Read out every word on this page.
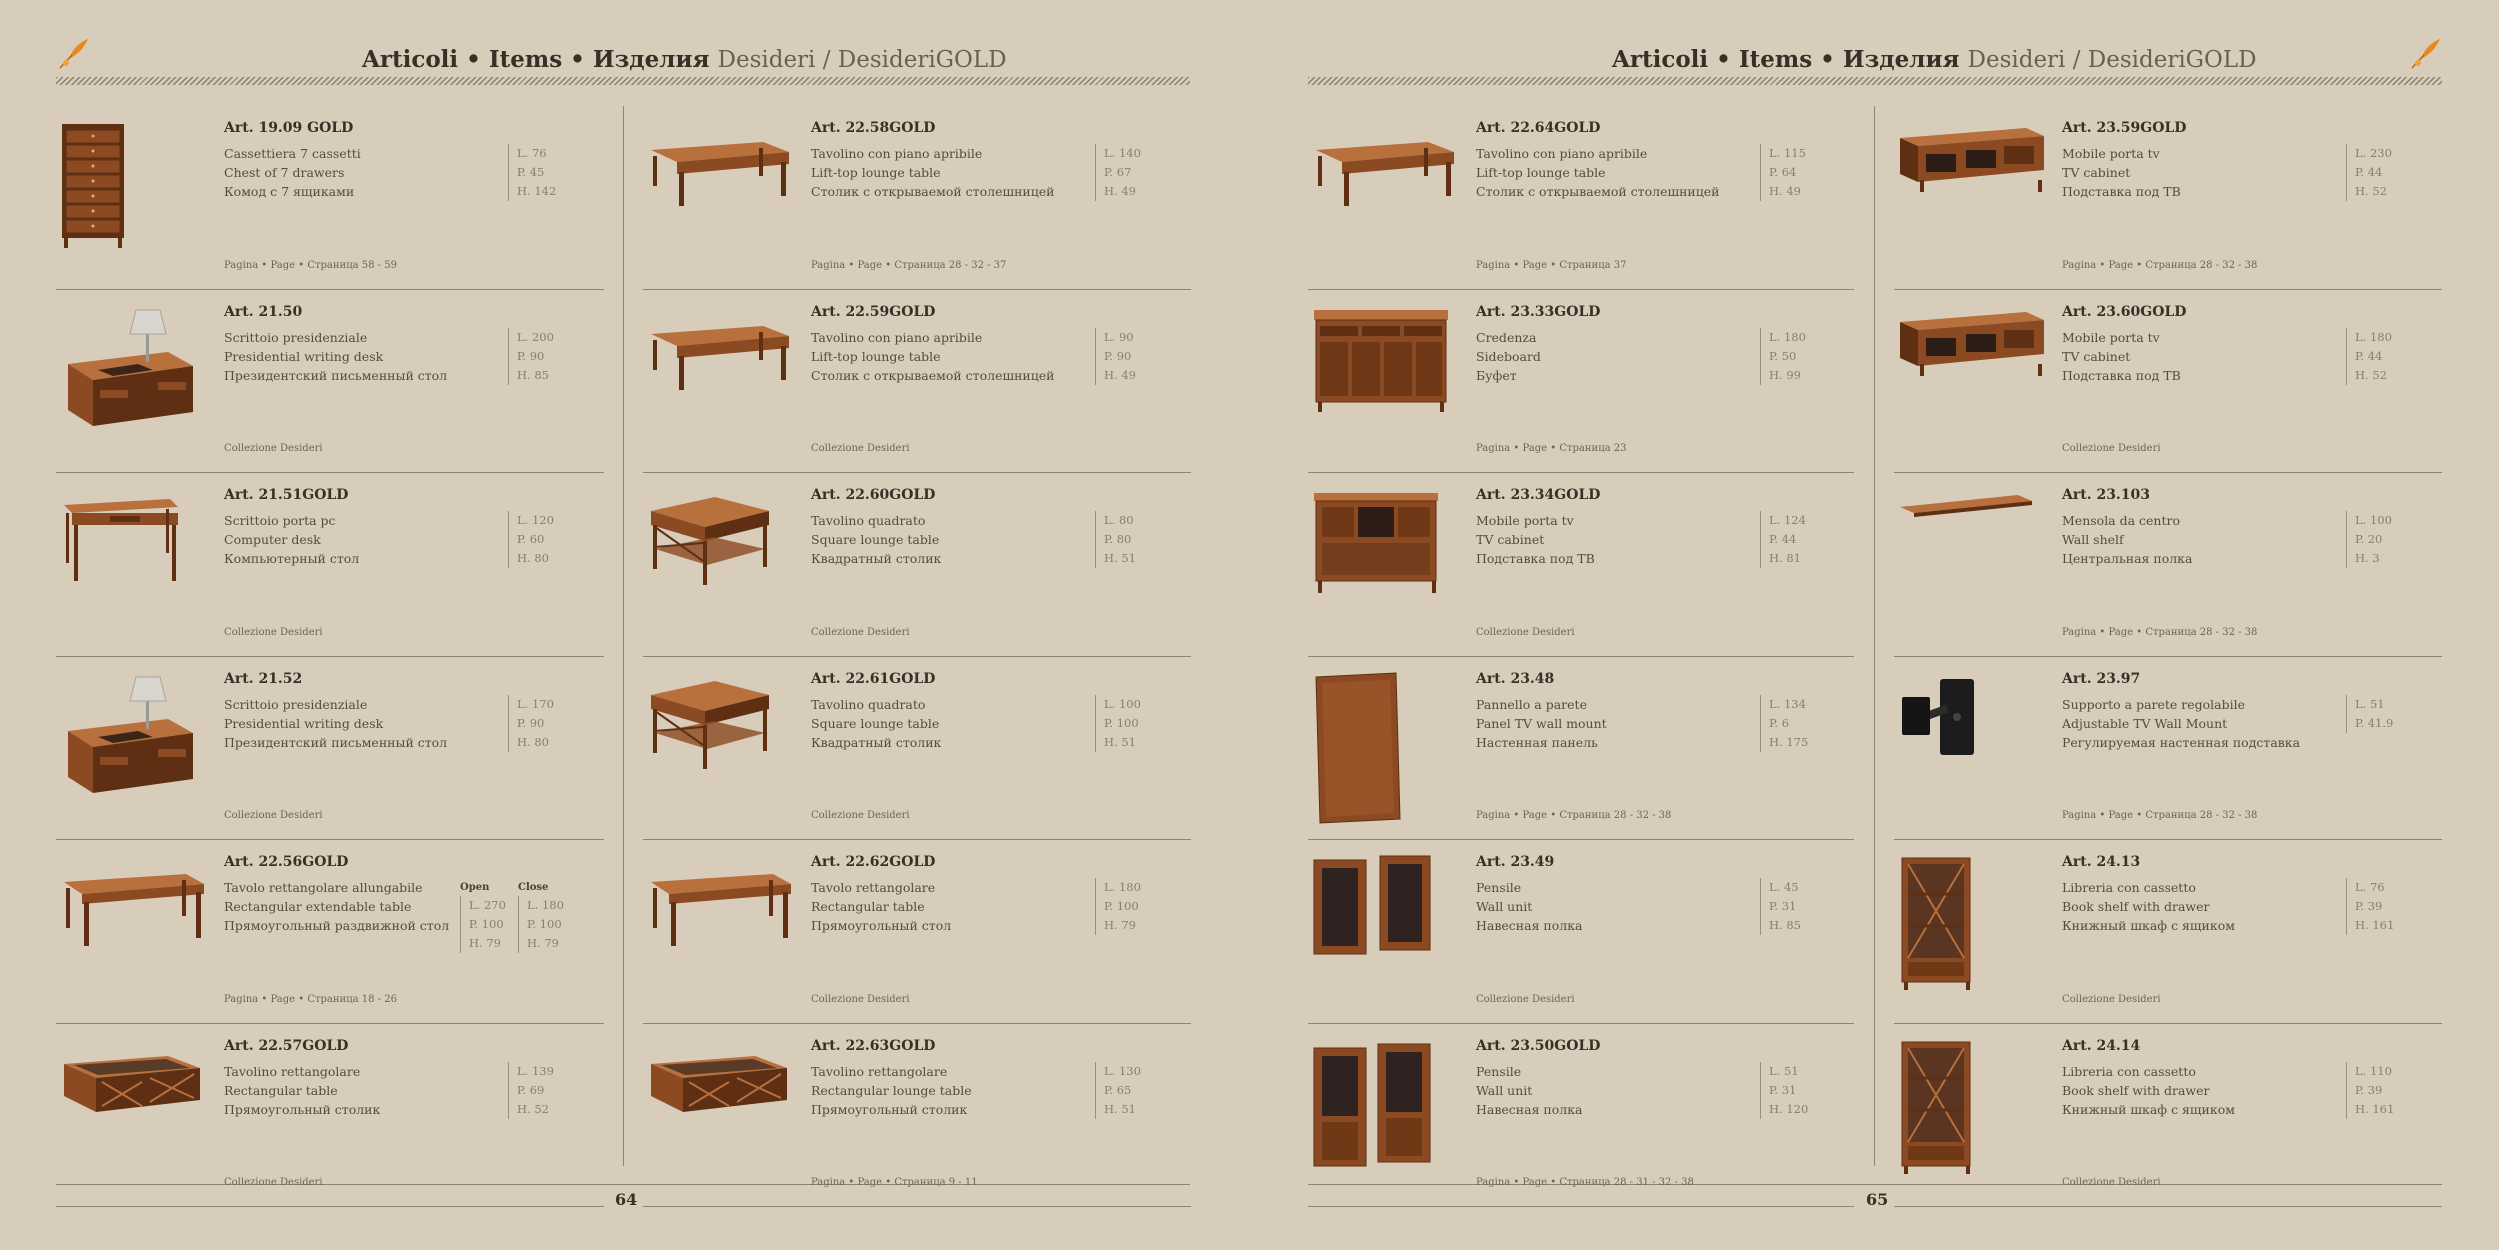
Articoli • Items • Изделия Desideri / DesideriGOLD
64
Articoli • Items • Изделия Desideri / DesideriGOLD
65
Art. 19.09 GOLD
Cassettiera 7 cassetti
Chest of 7 drawers
Комод с 7 ящиками
L. 76
P. 45
H. 142
Pagina • Page • Страница 58 - 59
Art. 21.50
Scrittoio presidenziale
Presidential writing desk
Президентский письменный стол
L. 200
P. 90
H. 85
Collezione Desideri
Art. 21.51GOLD
Scrittoio porta pc
Computer desk
Компьютерный стол
L. 120
P. 60
H. 80
Collezione Desideri
Art. 21.52
Scrittoio presidenziale
Presidential writing desk
Президентский письменный стол
L. 170
P. 90
H. 80
Collezione Desideri
Art. 22.56GOLD
Tavolo rettangolare allungabile
Rectangular extendable table
Прямоугольный раздвижной стол
Open	Close
L. 270
P. 100
H. 79
L. 180
P. 100
H. 79
Pagina • Page • Страница 18 - 26
Art. 22.57GOLD
Tavolino rettangolare
Rectangular table
Прямоугольный столик
L. 139
P. 69
H. 52
Collezione Desideri
Art. 22.58GOLD
Tavolino con piano apribile
Lift-top lounge table
Столик с открываемой столешницей
L. 140
P. 67
H. 49
Pagina • Page • Страница 28 - 32 - 37
Art. 22.59GOLD
Tavolino con piano apribile
Lift-top lounge table
Столик с открываемой столешницей
L. 90
P. 90
H. 49
Collezione Desideri
Art. 22.60GOLD
Tavolino quadrato
Square lounge table
Квадратный столик
L. 80
P. 80
H. 51
Collezione Desideri
Art. 22.61GOLD
Tavolino quadrato
Square lounge table
Квадратный столик
L. 100
P. 100
H. 51
Collezione Desideri
Art. 22.62GOLD
Tavolo rettangolare
Rectangular table
Прямоугольный стол
L. 180
P. 100
H. 79
Collezione Desideri
Art. 22.63GOLD
Tavolino rettangolare
Rectangular lounge table
Прямоугольный столик
L. 130
P. 65
H. 51
Pagina • Page • Страница 9 - 11
Art. 22.64GOLD
Tavolino con piano apribile
Lift-top lounge table
Столик с открываемой столешницей
L. 115
P. 64
H. 49
Pagina • Page • Страница 37
Art. 23.33GOLD
Credenza
Sideboard
Буфет
L. 180
P. 50
H. 99
Pagina • Page • Страница 23
Art. 23.34GOLD
Mobile porta tv
TV cabinet
Подставка под ТВ
L. 124
P. 44
H. 81
Collezione Desideri
Art. 23.48
Pannello a parete
Panel TV wall mount
Настенная панель
L. 134
P. 6
H. 175
Pagina • Page • Страница 28 - 32 - 38
Art. 23.49
Pensile
Wall unit
Навесная полка
L. 45
P. 31
H. 85
Collezione Desideri
Art. 23.50GOLD
Pensile
Wall unit
Навесная полка
L. 51
P. 31
H. 120
Pagina • Page • Страница 28 - 31 - 32 - 38
Art. 23.59GOLD
Mobile porta tv
TV cabinet
Подставка под ТВ
L. 230
P. 44
H. 52
Pagina • Page • Страница 28 - 32 - 38
Art. 23.60GOLD
Mobile porta tv
TV cabinet
Подставка под ТВ
L. 180
P. 44
H. 52
Collezione Desideri
Art. 23.103
Mensola da centro
Wall shelf
Центральная полка
L. 100
P. 20
H. 3
Pagina • Page • Страница 28 - 32 - 38
Art. 23.97
Supporto a parete regolabile
Adjustable TV Wall Mount
Регулируемая настенная подставка
L. 51
P. 41.9
Pagina • Page • Страница 28 - 32 - 38
Art. 24.13
Libreria con cassetto
Book shelf with drawer
Книжный шкаф с ящиком
L. 76
P. 39
H. 161
Collezione Desideri
Art. 24.14
Libreria con cassetto
Book shelf with drawer
Книжный шкаф с ящиком
L. 110
P. 39
H. 161
Collezione Desideri
